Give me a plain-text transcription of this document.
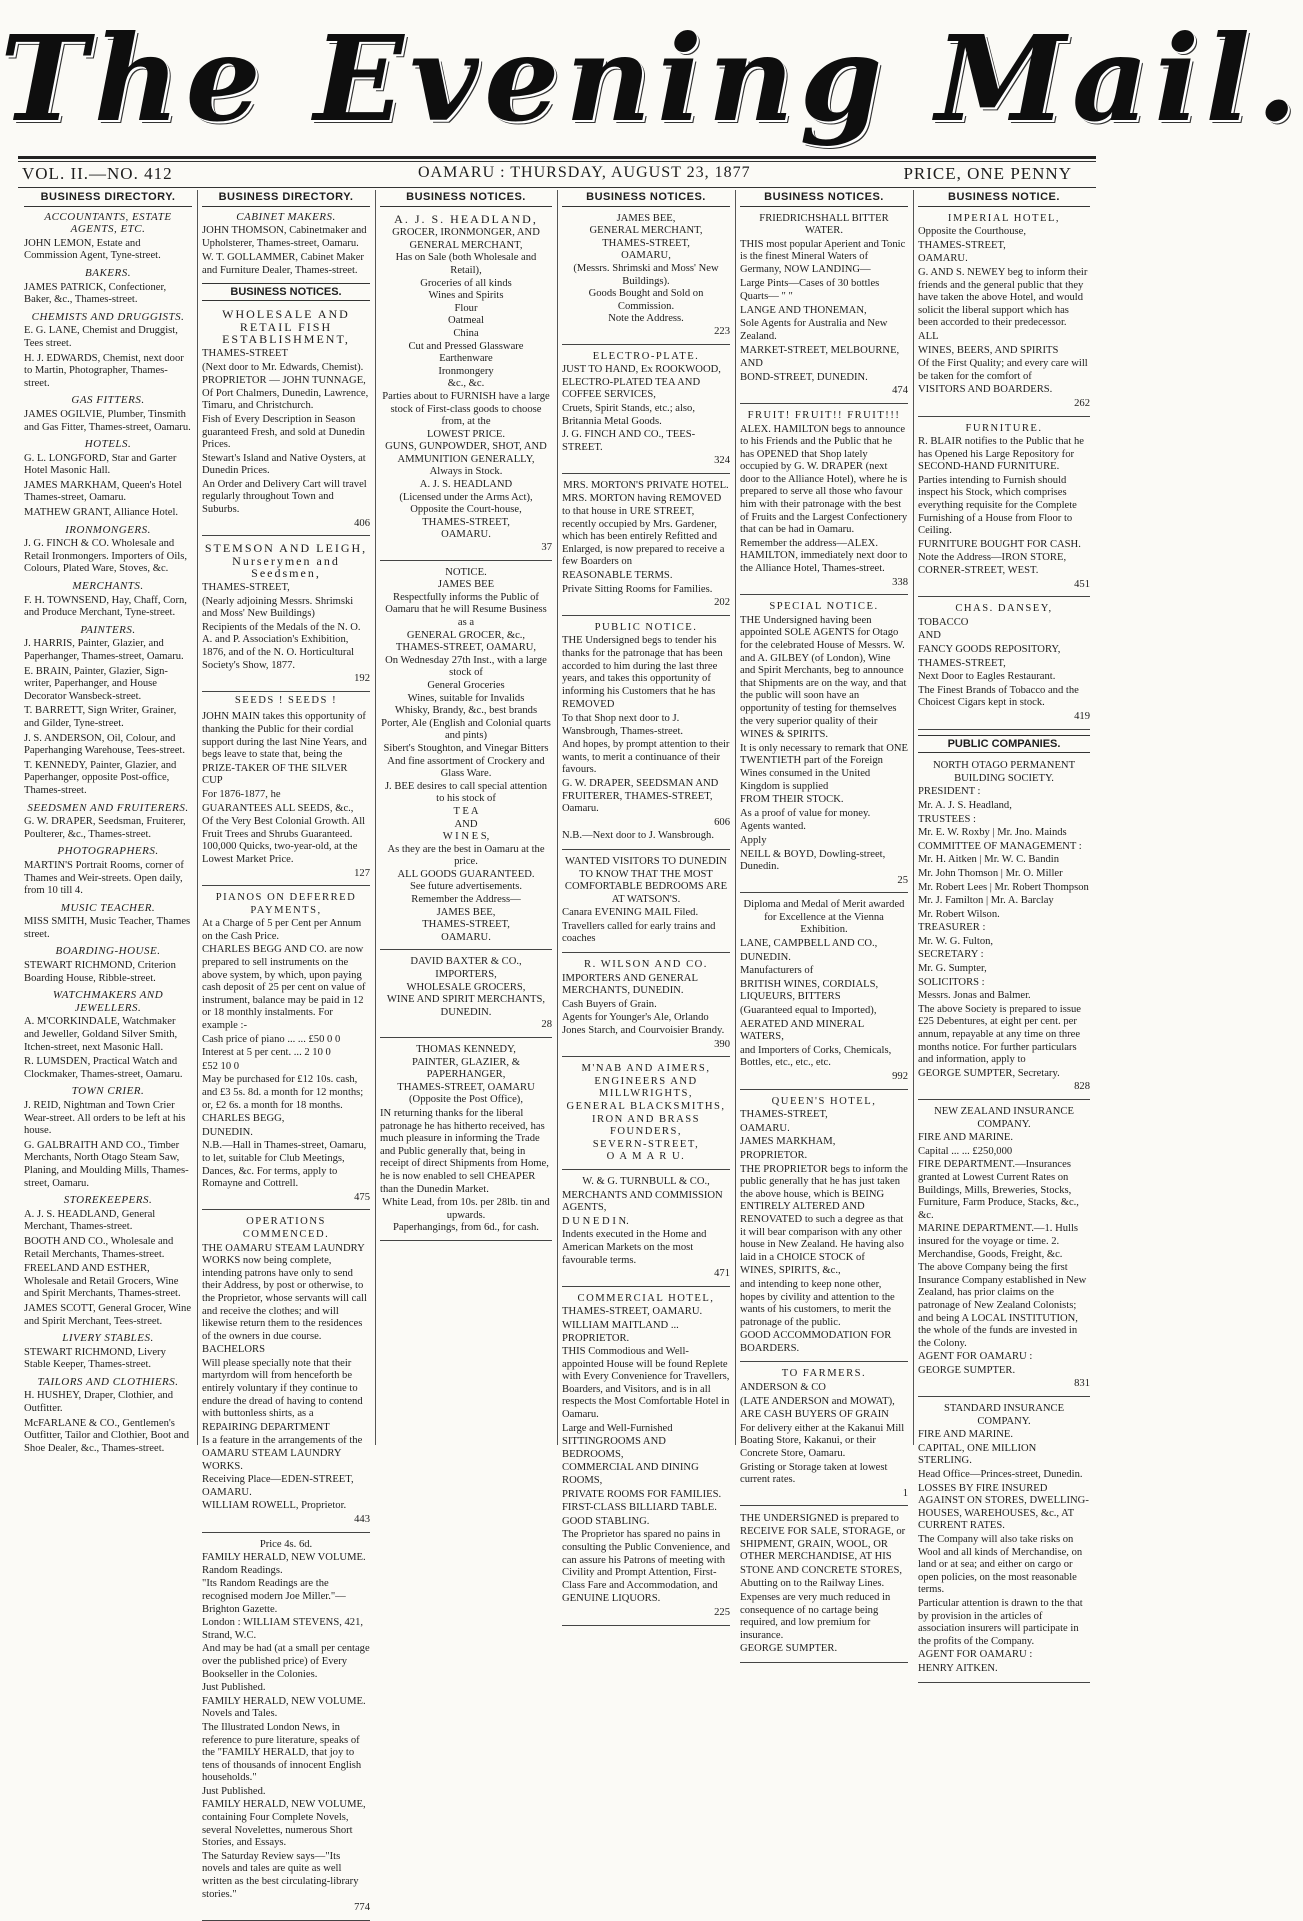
The Evening Mail.
VOL. II.—NO. 412	OAMARU : THURSDAY, AUGUST 23, 1877	PRICE, ONE PENNY
BUSINESS DIRECTORY.
ACCOUNTANTS, ESTATE AGENTS, ETC.
JOHN LEMON, Estate and Commission Agent, Tyne-street.
BAKERS.
JAMES PATRICK, Confectioner, Baker, &c., Thames-street.
CHEMISTS AND DRUGGISTS.
E. G. LANE, Chemist and Druggist, Tees street.
H. J. EDWARDS, Chemist, next door to Martin, Photographer, Thames-street.
GAS FITTERS.
JAMES OGILVIE, Plumber, Tinsmith and Gas Fitter, Thames-street, Oamaru.
HOTELS.
G. L. LONGFORD, Star and Garter Hotel Masonic Hall.
JAMES MARKHAM, Queen's Hotel Thames-street, Oamaru.
MATHEW GRANT, Alliance Hotel.
IRONMONGERS.
J. G. FINCH & CO. Wholesale and Retail Ironmongers. Importers of Oils, Colours, Plated Ware, Stoves, &c.
MERCHANTS.
F. H. TOWNSEND, Hay, Chaff, Corn, and Produce Merchant, Tyne-street.
PAINTERS.
J. HARRIS, Painter, Glazier, and Paperhanger, Thames-street, Oamaru.
E. BRAIN, Painter, Glazier, Sign-writer, Paperhanger, and House Decorator Wansbeck-street.
T. BARRETT, Sign Writer, Grainer, and Gilder, Tyne-street.
J. S. ANDERSON, Oil, Colour, and Paperhanging Warehouse, Tees-street.
T. KENNEDY, Painter, Glazier, and Paperhanger, opposite Post-office, Thames-street.
SEEDSMEN AND FRUITERERS.
G. W. DRAPER, Seedsman, Fruiterer, Poulterer, &c., Thames-street.
PHOTOGRAPHERS.
MARTIN'S Portrait Rooms, corner of Thames and Weir-streets. Open daily, from 10 till 4.
MUSIC TEACHER.
MISS SMITH, Music Teacher, Thames street.
BOARDING-HOUSE.
STEWART RICHMOND, Criterion Boarding House, Ribble-street.
WATCHMAKERS AND JEWELLERS.
A. M'CORKINDALE, Watchmaker and Jeweller, Goldand Silver Smith, Itchen-street, next Masonic Hall.
R. LUMSDEN, Practical Watch and Clockmaker, Thames-street, Oamaru.
TOWN CRIER.
J. REID, Nightman and Town Crier Wear-street. All orders to be left at his house.
G. GALBRAITH AND CO., Timber Merchants, North Otago Steam Saw, Planing, and Moulding Mills, Thames-street, Oamaru.
STOREKEEPERS.
A. J. S. HEADLAND, General Merchant, Thames-street.
BOOTH AND CO., Wholesale and Retail Merchants, Thames-street.
FREELAND AND ESTHER, Wholesale and Retail Grocers, Wine and Spirit Merchants, Thames-street.
JAMES SCOTT, General Grocer, Wine and Spirit Merchant, Tees-street.
LIVERY STABLES.
STEWART RICHMOND, Livery Stable Keeper, Thames-street.
TAILORS AND CLOTHIERS.
H. HUSHEY, Draper, Clothier, and Outfitter.
McFARLANE & CO., Gentlemen's Outfitter, Tailor and Clothier, Boot and Shoe Dealer, &c., Thames-street.
BUSINESS DIRECTORY.
CABINET MAKERS.
JOHN THOMSON, Cabinetmaker and Upholsterer, Thames-street, Oamaru.
W. T. GOLLAMMER, Cabinet Maker and Furniture Dealer, Thames-street.
BUSINESS NOTICES.
WHOLESALE AND RETAIL FISH ESTABLISHMENT,
THAMES-STREET
(Next door to Mr. Edwards, Chemist).
PROPRIETOR — JOHN TUNNAGE, Of Port Chalmers, Dunedin, Lawrence, Timaru, and Christchurch.
Fish of Every Description in Season guaranteed Fresh, and sold at Dunedin Prices.
Stewart's Island and Native Oysters, at Dunedin Prices.
An Order and Delivery Cart will travel regularly throughout Town and Suburbs.
406
STEMSON AND LEIGH, Nurserymen and Seedsmen,
THAMES-STREET,
(Nearly adjoining Messrs. Shrimski and Moss' New Buildings)
Recipients of the Medals of the N. O. A. and P. Association's Exhibition, 1876, and of the N. O. Horticultural Society's Show, 1877.
192
SEEDS ! SEEDS !
JOHN MAIN takes this opportunity of thanking the Public for their cordial support during the last Nine Years, and begs leave to state that, being the
PRIZE-TAKER OF THE SILVER CUP
For 1876-1877, he
GUARANTEES ALL SEEDS, &c.,
Of the Very Best Colonial Growth. All Fruit Trees and Shrubs Guaranteed. 100,000 Quicks, two-year-old, at the Lowest Market Price.
127
PIANOS ON DEFERRED PAYMENTS,
At a Charge of 5 per Cent per Annum on the Cash Price.
CHARLES BEGG AND CO. are now prepared to sell instruments on the above system, by which, upon paying cash deposit of 25 per cent on value of instrument, balance may be paid in 12 or 18 monthly instalments. For example :-
Cash price of piano ... ... £50 0 0
Interest at 5 per cent. ... 2 10 0
£52 10 0
May be purchased for £12 10s. cash, and £3 5s. 8d. a month for 12 months; or, £2 6s. a month for 18 months.
CHARLES BEGG,
DUNEDIN.
N.B.—Hall in Thames-street, Oamaru, to let, suitable for Club Meetings, Dances, &c. For terms, apply to Romayne and Cottrell.
475
OPERATIONS COMMENCED.
THE OAMARU STEAM LAUNDRY WORKS now being complete, intending patrons have only to send their Address, by post or otherwise, to the Proprietor, whose servants will call and receive the clothes; and will likewise return them to the residences of the owners in due course.
BACHELORS
Will please specially note that their martyrdom will from henceforth be entirely voluntary if they continue to endure the dread of having to contend with buttonless shirts, as a
REPAIRING DEPARTMENT
Is a feature in the arrangements of the OAMARU STEAM LAUNDRY WORKS.
Receiving Place—EDEN-STREET, OAMARU.
WILLIAM ROWELL, Proprietor.
443
Price 4s. 6d.
FAMILY HERALD, NEW VOLUME. Random Readings.
"Its Random Readings are the recognised modern Joe Miller."—Brighton Gazette.
London : WILLIAM STEVENS, 421, Strand, W.C.
And may be had (at a small per centage over the published price) of Every Bookseller in the Colonies.
Just Published.
FAMILY HERALD, NEW VOLUME. Novels and Tales.
The Illustrated London News, in reference to pure literature, speaks of the "FAMILY HERALD, that joy to tens of thousands of innocent English households."
Just Published.
FAMILY HERALD, NEW VOLUME, containing Four Complete Novels, several Novelettes, numerous Short Stories, and Essays.
The Saturday Review says—"Its novels and tales are quite as well written as the best circulating-library stories."
774
BUSINESS NOTICES.
A. J. S. HEADLAND,
GROCER, IRONMONGER, AND
GENERAL MERCHANT,
Has on Sale (both Wholesale and Retail),
Groceries of all kinds
Wines and Spirits
Flour
Oatmeal
China
Cut and Pressed Glassware
Earthenware
Ironmongery
&c., &c.
Parties about to FURNISH have a large stock of First-class goods to choose from, at the
LOWEST PRICE.
GUNS, GUNPOWDER, SHOT, AND AMMUNITION GENERALLY,
Always in Stock.
A. J. S. HEADLAND
(Licensed under the Arms Act),
Opposite the Court-house,
THAMES-STREET,
OAMARU.
37
NOTICE.
JAMES BEE
Respectfully informs the Public of Oamaru that he will Resume Business as a
GENERAL GROCER, &c.,
THAMES-STREET, OAMARU,
On Wednesday 27th Inst., with a large stock of
General Groceries
Wines, suitable for Invalids
Whisky, Brandy, &c., best brands
Porter, Ale (English and Colonial quarts and pints)
Sibert's Stoughton, and Vinegar Bitters
And fine assortment of Crockery and Glass Ware.
J. BEE desires to call special attention to his stock of
T E A
AND
W I N E S,
As they are the best in Oamaru at the price.
ALL GOODS GUARANTEED.
See future advertisements.
Remember the Address—
JAMES BEE,
THAMES-STREET,
OAMARU.
DAVID BAXTER & CO.,
IMPORTERS,
WHOLESALE GROCERS,
WINE AND SPIRIT MERCHANTS,
DUNEDIN.
28
THOMAS KENNEDY,
PAINTER, GLAZIER, & PAPERHANGER,
THAMES-STREET, OAMARU
(Opposite the Post Office),
IN returning thanks for the liberal patronage he has hitherto received, has much pleasure in informing the Trade and Public generally that, being in receipt of direct Shipments from Home, he is now enabled to sell CHEAPER than the Dunedin Market.
White Lead, from 10s. per 28lb. tin and upwards.
Paperhangings, from 6d., for cash.
BUSINESS NOTICES.
JAMES BEE,
GENERAL MERCHANT,
THAMES-STREET,
OAMARU,
(Messrs. Shrimski and Moss' New Buildings).
Goods Bought and Sold on Commission.
Note the Address.
223
ELECTRO-PLATE.
JUST TO HAND, Ex ROOKWOOD, ELECTRO-PLATED TEA AND COFFEE SERVICES,
Cruets, Spirit Stands, etc.; also, Britannia Metal Goods.
J. G. FINCH AND CO., TEES-STREET.
324
MRS. MORTON'S PRIVATE HOTEL.
MRS. MORTON having REMOVED to that house in URE STREET, recently occupied by Mrs. Gardener, which has been entirely Refitted and Enlarged, is now prepared to receive a few Boarders on
REASONABLE TERMS.
Private Sitting Rooms for Families.
202
PUBLIC NOTICE.
THE Undersigned begs to tender his thanks for the patronage that has been accorded to him during the last three years, and takes this opportunity of informing his Customers that he has
REMOVED
To that Shop next door to J. Wansbrough, Thames-street.
And hopes, by prompt attention to their wants, to merit a continuance of their favours.
G. W. DRAPER, SEEDSMAN AND FRUITERER, THAMES-STREET, Oamaru.
606
N.B.—Next door to J. Wansbrough.
WANTED VISITORS TO DUNEDIN TO KNOW THAT THE MOST COMFORTABLE BEDROOMS ARE AT WATSON'S.
Canara EVENING MAIL Filed.
Travellers called for early trains and coaches
R. WILSON AND CO.
IMPORTERS AND GENERAL MERCHANTS, DUNEDIN.
Cash Buyers of Grain.
Agents for Younger's Ale, Orlando Jones Starch, and Courvoisier Brandy.
390
M'NAB AND AIMERS,
ENGINEERS AND MILLWRIGHTS,
GENERAL BLACKSMITHS,
IRON AND BRASS FOUNDERS,
SEVERN-STREET,
O A M A R U.
W. & G. TURNBULL & CO.,
MERCHANTS AND COMMISSION AGENTS,
D U N E D I N.
Indents executed in the Home and American Markets on the most favourable terms.
471
COMMERCIAL HOTEL,
THAMES-STREET, OAMARU.
WILLIAM MAITLAND ... PROPRIETOR.
THIS Commodious and Well-appointed House will be found Replete with Every Convenience for Travellers, Boarders, and Visitors, and is in all respects the Most Comfortable Hotel in Oamaru.
Large and Well-Furnished
SITTINGROOMS AND BEDROOMS,
COMMERCIAL AND DINING ROOMS,
PRIVATE ROOMS FOR FAMILIES.
FIRST-CLASS BILLIARD TABLE.
GOOD STABLING.
The Proprietor has spared no pains in consulting the Public Convenience, and can assure his Patrons of meeting with Civility and Prompt Attention, First-Class Fare and Accommodation, and
GENUINE LIQUORS.
225
BUSINESS NOTICES.
FRIEDRICHSHALL BITTER WATER.
THIS most popular Aperient and Tonic is the finest Mineral Waters of Germany, NOW LANDING—
Large Pints—Cases of 30 bottles
Quarts— " "
LANGE AND THONEMAN,
Sole Agents for Australia and New Zealand.
MARKET-STREET, MELBOURNE,
AND
BOND-STREET, DUNEDIN.
474
FRUIT! FRUIT!! FRUIT!!!
ALEX. HAMILTON begs to announce to his Friends and the Public that he has OPENED that Shop lately occupied by G. W. DRAPER (next door to the Alliance Hotel), where he is prepared to serve all those who favour him with their patronage with the best of Fruits and the Largest Confectionery that can be had in Oamaru.
Remember the address—ALEX. HAMILTON, immediately next door to the Alliance Hotel, Thames-street.
338
SPECIAL NOTICE.
THE Undersigned having been appointed SOLE AGENTS for Otago for the celebrated House of Messrs. W. and A. GILBEY (of London), Wine and Spirit Merchants, beg to announce that Shipments are on the way, and that the public will soon have an opportunity of testing for themselves the very superior quality of their
WINES & SPIRITS.
It is only necessary to remark that ONE TWENTIETH part of the Foreign Wines consumed in the United Kingdom is supplied
FROM THEIR STOCK.
As a proof of value for money.
Agents wanted.
Apply
NEILL & BOYD, Dowling-street, Dunedin.
25
Diploma and Medal of Merit awarded for Excellence at the Vienna Exhibition.
LANE, CAMPBELL AND CO.,
DUNEDIN.
Manufacturers of
BRITISH WINES, CORDIALS, LIQUEURS, BITTERS
(Guaranteed equal to Imported),
AERATED AND MINERAL WATERS,
and Importers of Corks, Chemicals, Bottles, etc., etc., etc.
992
QUEEN'S HOTEL,
THAMES-STREET,
OAMARU.
JAMES MARKHAM,
PROPRIETOR.
THE PROPRIETOR begs to inform the public generally that he has just taken the above house, which is BEING ENTIRELY ALTERED AND RENOVATED to such a degree as that it will bear comparison with any other house in New Zealand. He having also laid in a CHOICE STOCK of
WINES, SPIRITS, &c.,
and intending to keep none other, hopes by civility and attention to the wants of his customers, to merit the patronage of the public.
GOOD ACCOMMODATION FOR BOARDERS.
TO FARMERS.
ANDERSON & CO
(LATE ANDERSON and MOWAT),
ARE CASH BUYERS OF GRAIN
For delivery either at the Kakanui Mill Boating Store, Kakanui, or their Concrete Store, Oamaru.
Gristing or Storage taken at lowest current rates.
1
THE UNDERSIGNED is prepared to RECEIVE FOR SALE, STORAGE, or SHIPMENT, GRAIN, WOOL, OR OTHER MERCHANDISE, AT HIS
STONE AND CONCRETE STORES,
Abutting on to the Railway Lines.
Expenses are very much reduced in consequence of no cartage being required, and low premium for insurance.
GEORGE SUMPTER.
BUSINESS NOTICE.
IMPERIAL HOTEL,
Opposite the Courthouse,
THAMES-STREET,
OAMARU.
G. AND S. NEWEY beg to inform their friends and the general public that they have taken the above Hotel, and would solicit the liberal support which has been accorded to their predecessor.
ALL
WINES, BEERS, AND SPIRITS
Of the First Quality; and every care will be taken for the comfort of
VISITORS AND BOARDERS.
262
FURNITURE.
R. BLAIR notifies to the Public that he has Opened his Large Repository for SECOND-HAND FURNITURE.
Parties intending to Furnish should inspect his Stock, which comprises everything requisite for the Complete Furnishing of a House from Floor to Ceiling.
FURNITURE BOUGHT FOR CASH.
Note the Address—IRON STORE, CORNER-STREET, WEST.
451
CHAS. DANSEY,
TOBACCO
AND
FANCY GOODS REPOSITORY,
THAMES-STREET,
Next Door to Eagles Restaurant.
The Finest Brands of Tobacco and the Choicest Cigars kept in stock.
419
PUBLIC COMPANIES.
NORTH OTAGO PERMANENT BUILDING SOCIETY.
PRESIDENT :
Mr. A. J. S. Headland,
TRUSTEES :
Mr. E. W. Roxby | Mr. Jno. Mainds
COMMITTEE OF MANAGEMENT :
Mr. H. Aitken | Mr. W. C. Bandin
Mr. John Thomson | Mr. O. Miller
Mr. Robert Lees | Mr. Robert Thompson
Mr. J. Familton | Mr. A. Barclay
Mr. Robert Wilson.
TREASURER :
Mr. W. G. Fulton,
SECRETARY :
Mr. G. Sumpter,
SOLICITORS :
Messrs. Jonas and Balmer.
The above Society is prepared to issue £25 Debentures, at eight per cent. per annum, repayable at any time on three months notice. For further particulars and information, apply to
GEORGE SUMPTER, Secretary.
828
NEW ZEALAND INSURANCE COMPANY.
FIRE AND MARINE.
Capital ... ... £250,000
FIRE DEPARTMENT.—Insurances granted at Lowest Current Rates on Buildings, Mills, Breweries, Stocks, Furniture, Farm Produce, Stacks, &c., &c.
MARINE DEPARTMENT.—1. Hulls insured for the voyage or time. 2. Merchandise, Goods, Freight, &c.
The above Company being the first Insurance Company established in New Zealand, has prior claims on the patronage of New Zealand Colonists; and being A LOCAL INSTITUTION, the whole of the funds are invested in the Colony.
AGENT FOR OAMARU :
GEORGE SUMPTER.
831
STANDARD INSURANCE COMPANY.
FIRE AND MARINE.
CAPITAL, ONE MILLION STERLING.
Head Office—Princes-street, Dunedin.
LOSSES BY FIRE INSURED AGAINST ON STORES, DWELLING-HOUSES, WAREHOUSES, &c., AT CURRENT RATES.
The Company will also take risks on Wool and all kinds of Merchandise, on land or at sea; and either on cargo or open policies, on the most reasonable terms.
Particular attention is drawn to the that by provision in the articles of association insurers will participate in the profits of the Company.
AGENT FOR OAMARU :
HENRY AITKEN.
